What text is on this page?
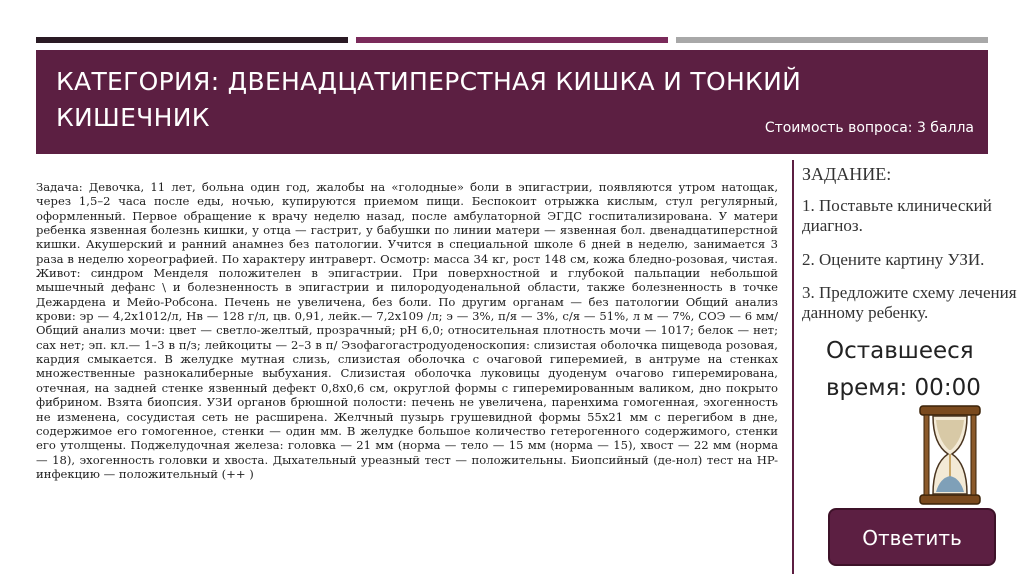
КАТЕГОРИЯ: ДВЕНАДЦАТИПЕРСТНАЯ КИШКА И ТОНКИЙ КИШЕЧНИК	Стоимость вопроса: 3 балла

Задача: Девочка, 11 лет, больна один год, жалобы на «голодные» боли в эпигастрии, появляются утром натощак, через 1,5–2 часа после еды, ночью, купируются приемом пищи. Беспокоит отрыжка кислым, стул регулярный, оформленный. Первое обращение к врачу неделю назад, после амбулаторной ЭГДС госпитализирована. У матери ребенка язвенная болезнь кишки, у отца — гастрит, у бабушки по линии матери — язвенная бол. двенадцатиперстной кишки. Акушерский и ранний анамнез без патологии. Учится в специальной школе 6 дней в неделю, занимается 3 раза в неделю хореографией. По характеру интраверт. Осмотр: масса 34 кг, рост 148 см, кожа бледно-розовая, чистая. Живот: синдром Менделя положителен в эпигастрии. При поверхностной и глубокой пальпации небольшой мышечный дефанс \ и болезненность в эпигастрии и пилородуоденальной области, также болезненность в точке Дежардена и Мейо-Робсона. Печень не увеличена, без боли. По другим органам — без патологии Общий анализ крови: эр — 4,2х1012/л, Нв — 128 г/л, цв. 0,91, лейк.— 7,2х109 /л; э — 3%, п/я — 3%, с/я — 51%, л м — 7%, СОЭ — 6 мм/ Общий анализ мочи: цвет — светло-желтый, прозрачный; рН 6,0; относительная плотность мочи — 1017; белок — нет; сах нет; эп. кл.— 1–3 в п/з; лейкоциты — 2–3 в п/ Эзофагогастродуоденоскопия: слизистая оболочка пищевода розовая, кардия смыкается. В желудке мутная слизь, слизистая оболочка с очаговой гиперемией, в антруме на стенках множественные разнокалиберные выбухания. Слизистая оболочка луковицы дуоденум очагово гиперемирована, отечная, на задней стенке язвенный дефект 0,8х0,6 см, округлой формы с гиперемированным валиком, дно покрыто фибрином. Взята биопсия. УЗИ органов брюшной полости: печень не увеличена, паренхима гомогенная, эхогенность не изменена, сосудистая сеть не расширена. Желчный пузырь грушевидной формы 55х21 мм с перегибом в дне, содержимое его гомогенное, стенки — один мм. В желудке большое количество гетерогенного содержимого, стенки его утолщены. Поджелудочная железа: головка — 21 мм (норма — тело — 15 мм (норма — 15), хвост — 22 мм (норма — 18), эхогенность головки и хвоста. Дыхательный уреазный тест — положительны. Биопсийный (де-нол) тест на HP-инфекцию — положительный (++ )

ЗАДАНИЕ:
1. Поставьте клинический диагноз.
2. Оцените картину УЗИ.
3. Предложите схему лечения данному ребенку.
Оставшееся
время: 00:00
Ответить
